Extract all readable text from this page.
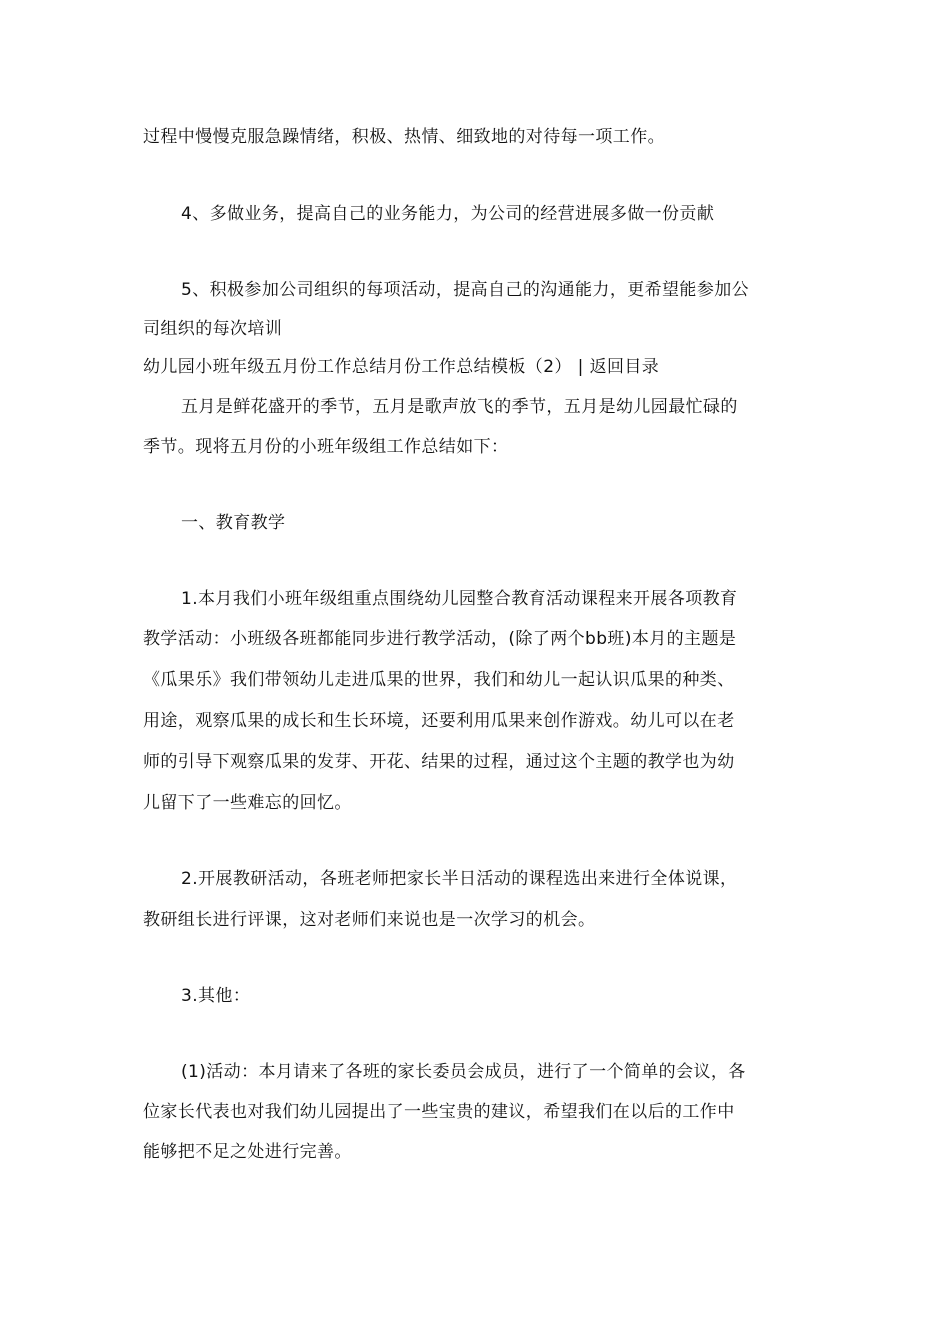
过程中慢慢克服急躁情绪，积极、热情、细致地的对待每一项工作。
4、多做业务，提高自己的业务能力，为公司的经营进展多做一份贡献
5、积极参加公司组织的每项活动，提高自己的沟通能力，更希望能参加公
司组织的每次培训
幼儿园小班年级五月份工作总结月份工作总结模板（2） | 返回目录
五月是鲜花盛开的季节，五月是歌声放飞的季节，五月是幼儿园最忙碌的
季节。现将五月份的小班年级组工作总结如下：
一、教育教学
1.本月我们小班年级组重点围绕幼儿园整合教育活动课程来开展各项教育
教学活动：小班级各班都能同步进行教学活动，(除了两个bb班)本月的主题是
《瓜果乐》我们带领幼儿走进瓜果的世界，我们和幼儿一起认识瓜果的种类、
用途，观察瓜果的成长和生长环境，还要利用瓜果来创作游戏。幼儿可以在老
师的引导下观察瓜果的发芽、开花、结果的过程，通过这个主题的教学也为幼
儿留下了一些难忘的回忆。
2.开展教研活动，各班老师把家长半日活动的课程选出来进行全体说课，
教研组长进行评课，这对老师们来说也是一次学习的机会。
3.其他：
(1)活动：本月请来了各班的家长委员会成员，进行了一个简单的会议，各
位家长代表也对我们幼儿园提出了一些宝贵的建议，希望我们在以后的工作中
能够把不足之处进行完善。
